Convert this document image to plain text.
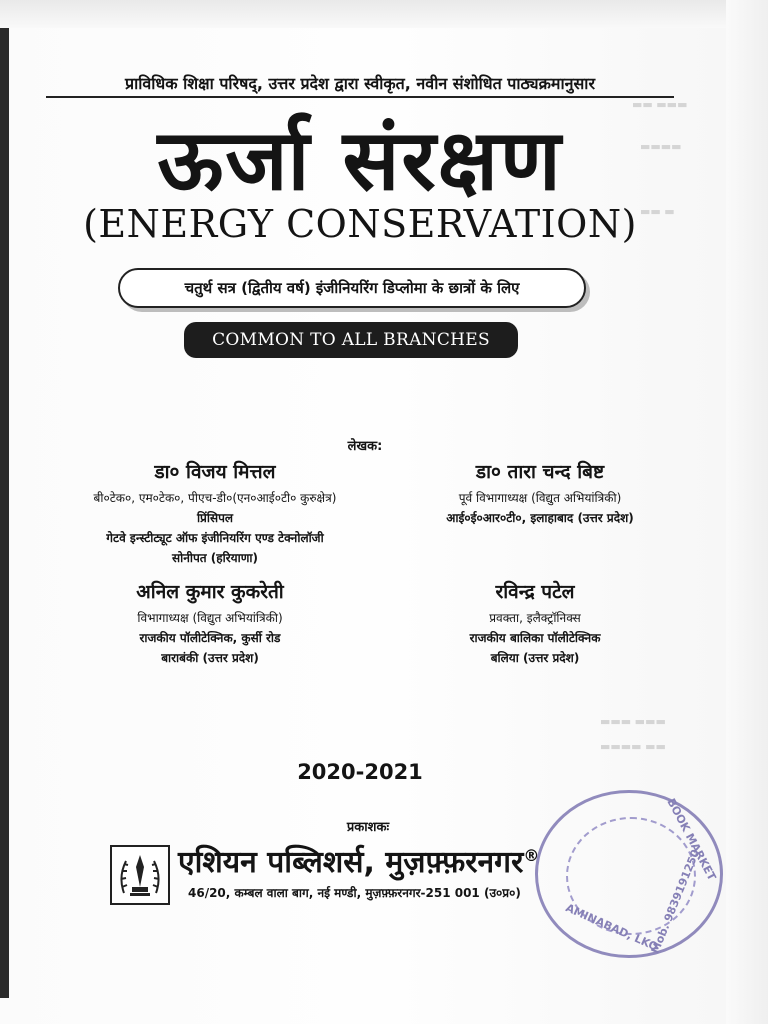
▬▬ ▬▬▬
▬▬▬▬
▬▬ ▬
▬▬▬ ▬▬▬
▬▬▬▬ ▬▬
प्राविधिक शिक्षा परिषद्, उत्तर प्रदेश द्वारा स्वीकृत, नवीन संशोधित पाठ्यक्रमानुसार
ऊर्जा संरक्षण
(ENERGY CONSERVATION)
चतुर्थ सत्र (द्वितीय वर्ष) इंजीनियरिंग डिप्लोमा के छात्रों के लिए
COMMON TO ALL BRANCHES
लेखक:
डा० विजय मित्तल
बी०टेक०, एम०टेक०, पीएच-डी०(एन०आई०टी० कुरुक्षेत्र)
प्रिंसिपल
गेटवे इन्स्टीट्यूट ऑफ इंजीनियरिंग एण्ड टेक्नोलॉजी
सोनीपत (हरियाणा)
डा० तारा चन्द बिष्ट
पूर्व विभागाध्यक्ष (विद्युत अभियांत्रिकी)
आई०ई०आर०टी०, इलाहाबाद (उत्तर प्रदेश)
अनिल कुमार कुकरेती
विभागाध्यक्ष (विद्युत अभियांत्रिकी)
राजकीय पॉलीटेक्निक, कुर्सी रोड
बाराबंकी (उत्तर प्रदेश)
रविन्द्र पटेल
प्रवक्ता, इलैक्ट्रॉनिक्स
राजकीय बालिका पॉलीटेक्निक
बलिया (उत्तर प्रदेश)
2020-2021
प्रकाशकः
एशियन पब्लिशर्स, मुज़फ़्फ़रनगर®
46/20, कम्बल वाला बाग, नई मण्डी, मुज़फ़्फ़रनगर-251 001 (उ०प्र०)
BOOK MARKET
AMINABAD, LKO
Mob. 9839191250
